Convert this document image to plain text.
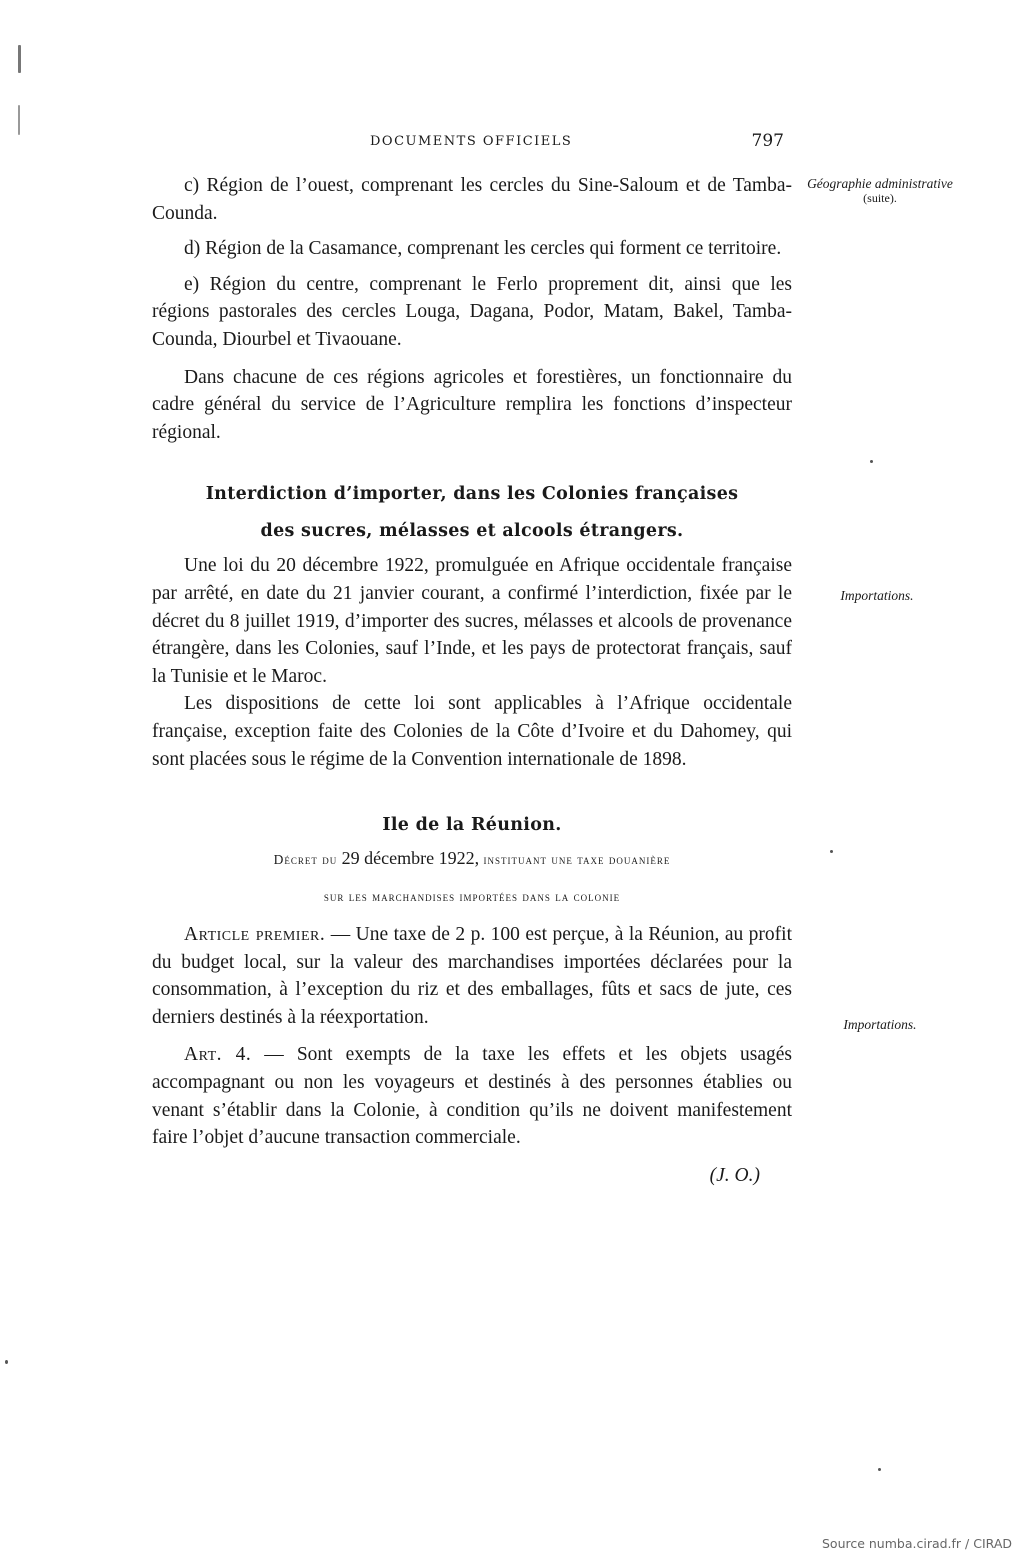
DOCUMENTS OFFICIELS	797
Géographie administrative
(suite).
Importations.
Importations.

c) Région de l’ouest, comprenant les cercles du Sine-Saloum et de Tamba-Counda.

d) Région de la Casamance, comprenant les cercles qui forment ce territoire.

e) Région du centre, comprenant le Ferlo proprement dit, ainsi que les régions pastorales des cercles Louga, Dagana, Podor, Matam, Bakel, Tamba-Counda, Diourbel et Tivaouane.

Dans chacune de ces régions agricoles et forestières, un fonctionnaire du cadre général du service de l’Agriculture remplira les fonctions d’inspecteur régional.

Interdiction d’importer, dans les Colonies françaises
des sucres, mélasses et alcools étrangers.

Une loi du 20 décembre 1922, promulguée en Afrique occidentale française par arrêté, en date du 21 janvier courant, a confirmé l’interdiction, fixée par le décret du 8 juillet 1919, d’importer des sucres, mélasses et alcools de provenance étrangère, dans les Colonies, sauf l’Inde, et les pays de protectorat français, sauf la Tunisie et le Maroc.

Les dispositions de cette loi sont applicables à l’Afrique occidentale française, exception faite des Colonies de la Côte d’Ivoire et du Dahomey, qui sont placées sous le régime de la Convention internationale de 1898.

Ile de la Réunion.
Décret du 29 décembre 1922, instituant une taxe douanière
sur les marchandises importées dans la colonie

Article premier. — Une taxe de 2 p. 100 est perçue, à la Réunion, au profit du budget local, sur la valeur des marchandises importées déclarées pour la consommation, à l’exception du riz et des emballages, fûts et sacs de jute, ces derniers destinés à la réexportation.

Art. 4. — Sont exempts de la taxe les effets et les objets usagés accompagnant ou non les voyageurs et destinés à des personnes établies ou venant s’établir dans la Colonie, à condition qu’ils ne doivent manifestement faire l’objet d’aucune transaction commerciale.

(J. O.)

Source numba.cirad.fr / CIRAD
